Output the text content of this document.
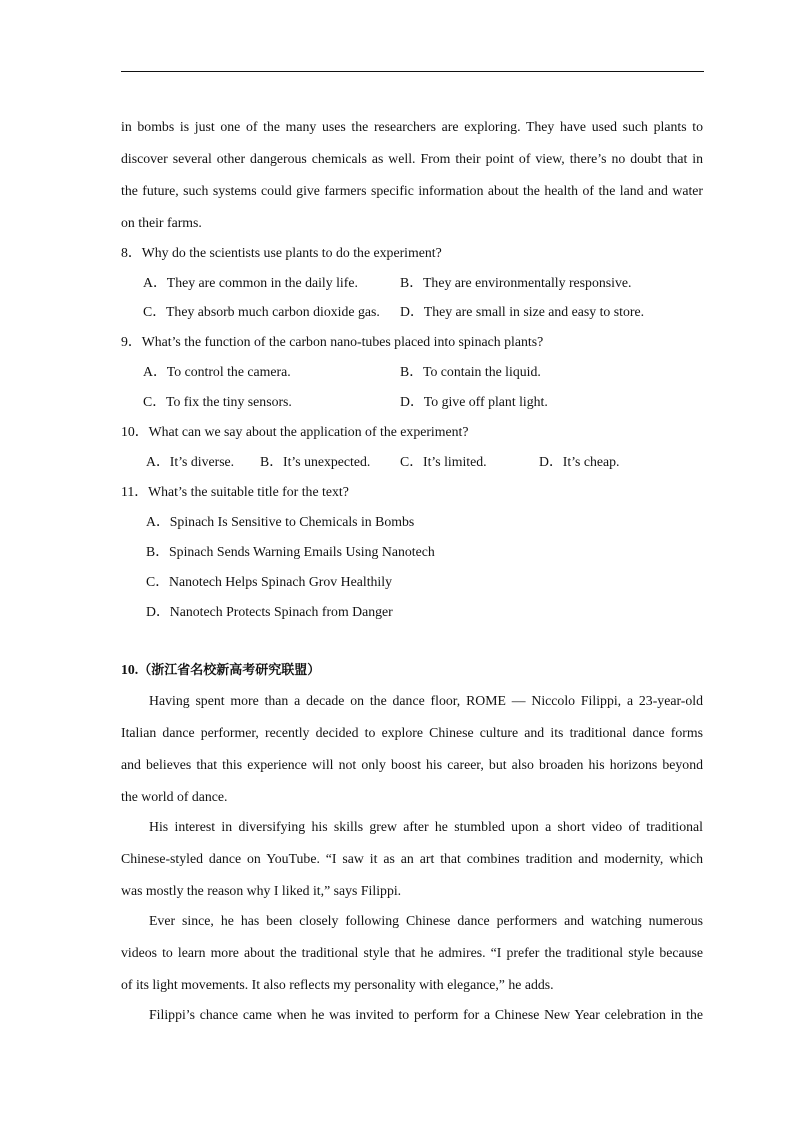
in bombs is just one of the many uses the researchers are exploring. They have used such plants to
discover several other dangerous chemicals as well. From their point of view, there’s no doubt that in
the future, such systems could give farmers specific information about the health of the land and water
on their farms.
8．Why do the scientists use plants to do the experiment?
A．They are common in the daily life.	B．They are environmentally responsive.
C．They absorb much carbon dioxide gas. D．They are small in size and easy to store.
9．What’s the function of the carbon nano-tubes placed into spinach plants?
A．To control the camera.	B．To contain the liquid.
C．To fix the tiny sensors.	D．To give off plant light.
10．What can we say about the application of the experiment?
A．It’s diverse. B．It’s unexpected. C．It’s limited.	D．It’s cheap.
11．What’s the suitable title for the text?
A．Spinach Is Sensitive to Chemicals in Bombs
B．Spinach Sends Warning Emails Using Nanotech
C．Nanotech Helps Spinach Grov Healthily
D．Nanotech Protects Spinach from Danger
10.（浙江省名校新高考研究联盟）
Having spent more than a decade on the dance floor, ROME — Niccolo Filippi, a 23-year-old
Italian dance performer, recently decided to explore Chinese culture and its traditional dance forms
and believes that this experience will not only boost his career, but also broaden his horizons beyond
the world of dance.
His interest in diversifying his skills grew after he stumbled upon a short video of traditional
Chinese-styled dance on YouTube. “I saw it as an art that combines tradition and modernity, which
was mostly the reason why I liked it,” says Filippi.
Ever since, he has been closely following Chinese dance performers and watching numerous
videos to learn more about the traditional style that he admires. “I prefer the traditional style because
of its light movements. It also reflects my personality with elegance,” he adds.
Filippi’s chance came when he was invited to perform for a Chinese New Year celebration in the
